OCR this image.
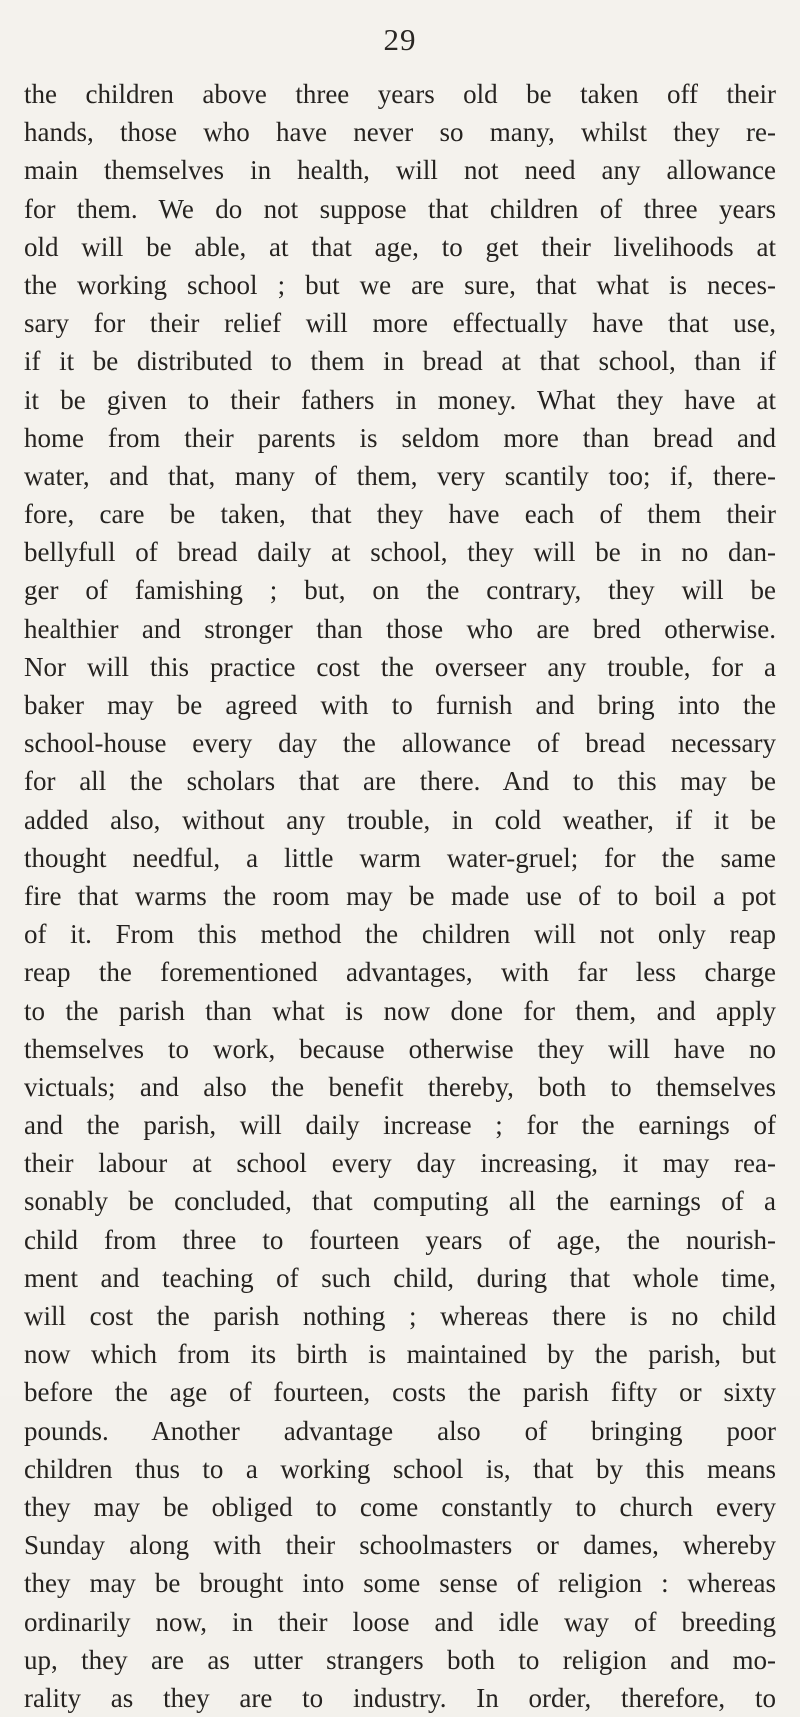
29
the children above three years old be taken off their
hands, those who have never so many, whilst they re-
main themselves in health, will not need any allowance
for them. We do not suppose that children of three years
old will be able, at that age, to get their livelihoods at
the working school ; but we are sure, that what is neces-
sary for their relief will more effectually have that use,
if it be distributed to them in bread at that school, than if
it be given to their fathers in money. What they have at
home from their parents is seldom more than bread and
water, and that, many of them, very scantily too; if, there-
fore, care be taken, that they have each of them their
bellyfull of bread daily at school, they will be in no dan-
ger of famishing ; but, on the contrary, they will be
healthier and stronger than those who are bred otherwise.
Nor will this practice cost the overseer any trouble, for a
baker may be agreed with to furnish and bring into the
school-house every day the allowance of bread necessary
for all the scholars that are there. And to this may be
added also, without any trouble, in cold weather, if it be
thought needful, a little warm water-gruel; for the same
fire that warms the room may be made use of to boil a pot
of it. From this method the children will not only reap
reap the forementioned advantages, with far less charge
to the parish than what is now done for them, and apply
themselves to work, because otherwise they will have no
victuals; and also the benefit thereby, both to themselves
and the parish, will daily increase ; for the earnings of
their labour at school every day increasing, it may rea-
sonably be concluded, that computing all the earnings of a
child from three to fourteen years of age, the nourish-
ment and teaching of such child, during that whole time,
will cost the parish nothing ; whereas there is no child
now which from its birth is maintained by the parish, but
before the age of fourteen, costs the parish fifty or sixty
pounds. Another advantage also of bringing poor
children thus to a working school is, that by this means
they may be obliged to come constantly to church every
Sunday along with their schoolmasters or dames, whereby
they may be brought into some sense of religion : whereas
ordinarily now, in their loose and idle way of breeding
up, they are as utter strangers both to religion and mo-
rality as they are to industry. In order, therefore, to
